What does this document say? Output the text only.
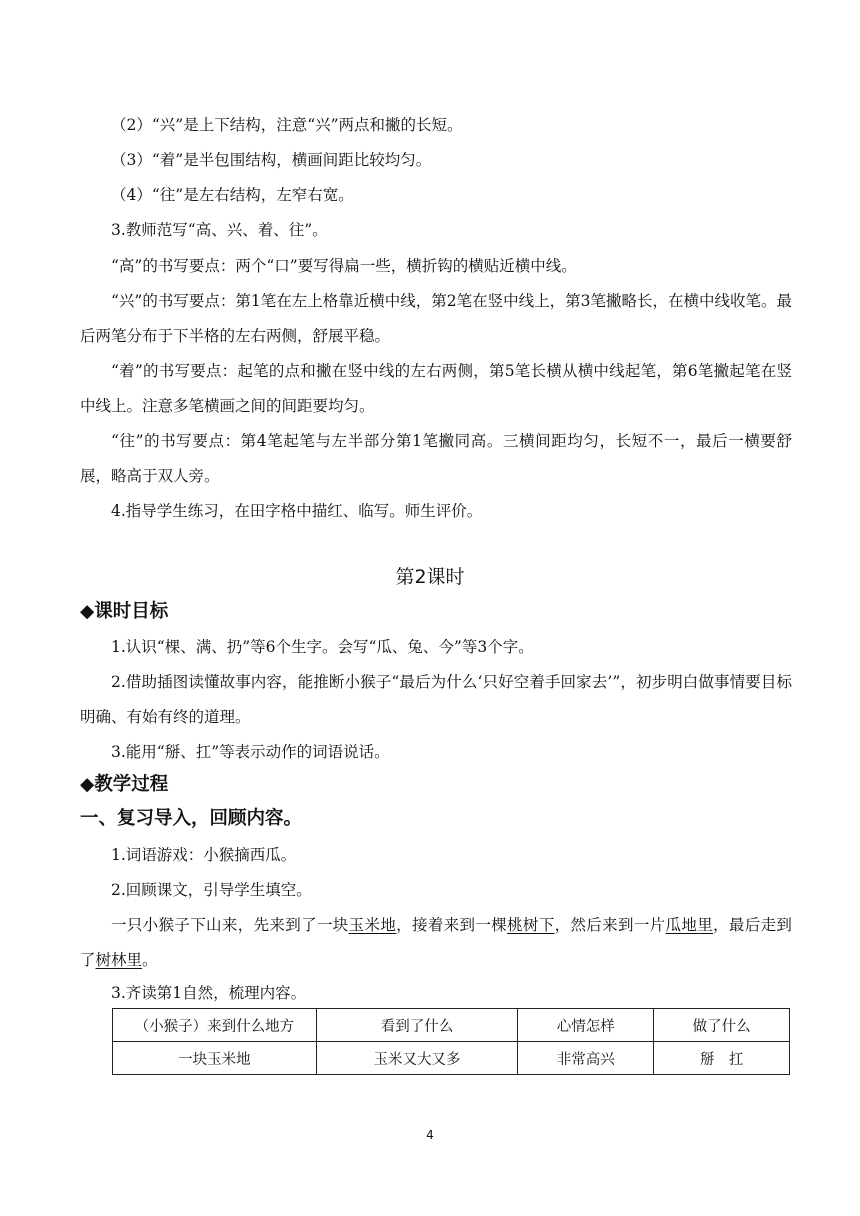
（2）“兴”是上下结构，注意“兴”两点和撇的长短。
（3）“着”是半包围结构，横画间距比较均匀。
（4）“往”是左右结构，左窄右宽。
3.教师范写“高、兴、着、往”。
“高”的书写要点：两个“口”要写得扁一些，横折钩的横贴近横中线。
“兴”的书写要点：第1笔在左上格靠近横中线，第2笔在竖中线上，第3笔撇略长，在横中线收笔。最后两笔分布于下半格的左右两侧，舒展平稳。
“着”的书写要点：起笔的点和撇在竖中线的左右两侧，第5笔长横从横中线起笔，第6笔撇起笔在竖中线上。注意多笔横画之间的间距要均匀。
“往”的书写要点：第4笔起笔与左半部分第1笔撇同高。三横间距均匀，长短不一，最后一横要舒展，略高于双人旁。
4.指导学生练习，在田字格中描红、临写。师生评价。
第2课时
◆课时目标
1.认识“棵、满、扔”等6个生字。会写“瓜、兔、今”等3个字。
2.借助插图读懂故事内容，能推断小猴子“最后为什么‘只好空着手回家去’”，初步明白做事情要目标明确、有始有终的道理。
3.能用“掰、扛”等表示动作的词语说话。
◆教学过程
一、复习导入，回顾内容。
1.词语游戏：小猴摘西瓜。
2.回顾课文，引导学生填空。
一只小猴子下山来，先来到了一块玉米地，接着来到一棵桃树下，然后来到一片瓜地里，最后走到了树林里。
3.齐读第1自然，梳理内容。
（小猴子）来到什么地方	看到了什么	心情怎样	做了什么
一块玉米地	玉米又大又多	非常高兴	掰　扛
4
